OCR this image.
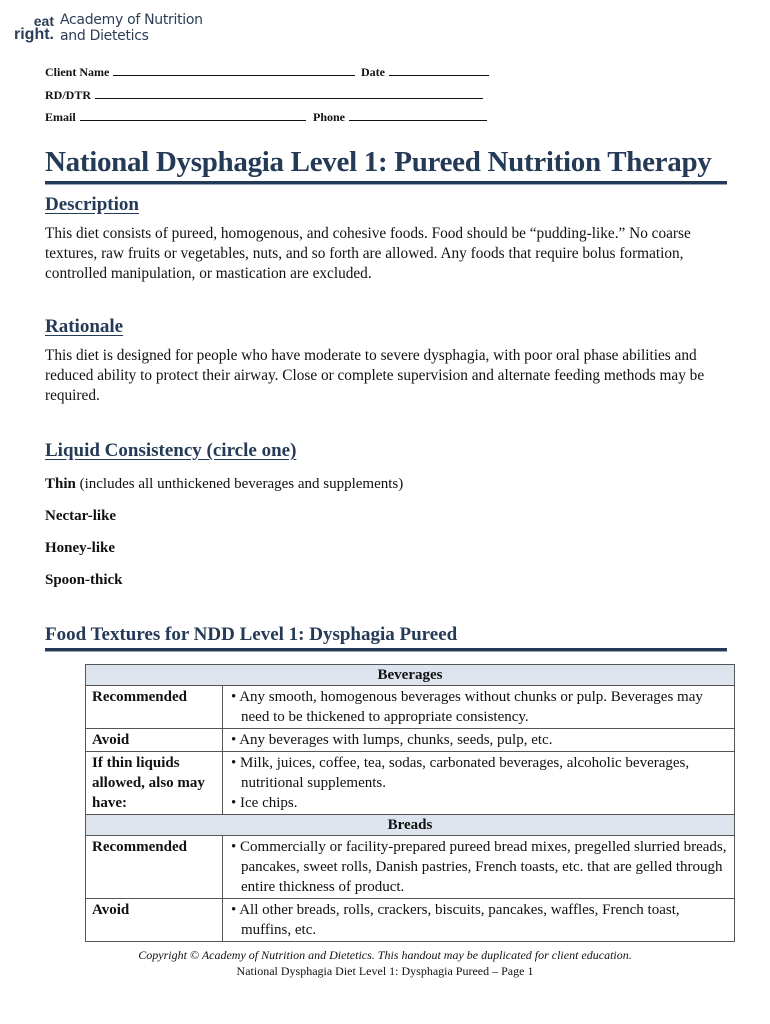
eat
right.
Academy of Nutrition
and Dietetics
Client Name	Date
RD/DTR
Email	Phone
National Dysphagia Level 1: Pureed Nutrition Therapy
Description

This diet consists of pureed, homogenous, and cohesive foods. Food should be “pudding-like.” No coarse textures, raw fruits or vegetables, nuts, and so forth are allowed. Any foods that require bolus formation, controlled manipulation, or mastication are excluded.

Rationale

This diet is designed for people who have moderate to severe dysphagia, with poor oral phase abilities and reduced ability to protect their airway. Close or complete supervision and alternate feeding methods may be required.

Liquid Consistency (circle one)
Thin (includes all unthickened beverages and supplements)
Nectar-like
Honey-like
Spoon-thick
Food Textures for NDD Level 1: Dysphagia Pureed
Beverages	
Recommended	• Any smooth, homogenous beverages without chunks or pulp. Beverages may need to be thickened to appropriate consistency.

Avoid	• Any beverages with lumps, chunks, seeds, pulp, etc.

If thin liquids allowed, also may have:	• Milk, juices, coffee, tea, sodas, carbonated beverages, alcoholic beverages, nutritional supplements.
• Ice chips.

Breads	
Recommended	• Commercially or facility-prepared pureed bread mixes, pregelled slurried breads, pancakes, sweet rolls, Danish pastries, French toasts, etc. that are gelled through entire thickness of product.

Avoid	• All other breads, rolls, crackers, biscuits, pancakes, waffles, French toast, muffins, etc.
Copyright © Academy of Nutrition and Dietetics. This handout may be duplicated for client education.
National Dysphagia Diet Level 1: Dysphagia Pureed – Page 1
